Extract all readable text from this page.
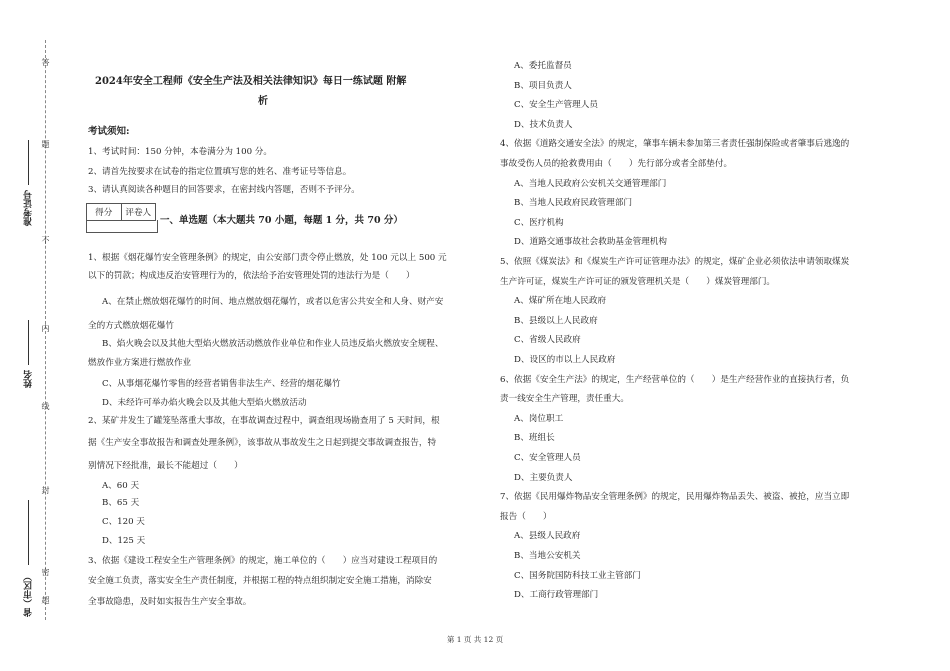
答
题
不
内
线
封
密
超
准考证号
姓名
省（市区）
2024年安全工程师《安全生产法及相关法律知识》每日一练试题 附解
析
考试须知:
1、考试时间：150 分钟，本卷满分为 100 分。
2、请首先按要求在试卷的指定位置填写您的姓名、准考证号等信息。
3、请认真阅读各种题目的回答要求，在密封线内答题，否则不予评分。
得分	评卷人
一、单选题（本大题共 70 小题，每题 1 分，共 70 分）
1、根据《烟花爆竹安全管理条例》的规定，由公安部门责令停止燃放，处 100 元以上 500 元
以下的罚款；构成违反治安管理行为的，依法给予治安管理处罚的违法行为是（　　）
A、在禁止燃放烟花爆竹的时间、地点燃放烟花爆竹，或者以危害公共安全和人身、财产安
全的方式燃放烟花爆竹
B、焰火晚会以及其他大型焰火燃放活动燃放作业单位和作业人员违反焰火燃放安全规程、
燃放作业方案进行燃放作业
C、从事烟花爆竹零售的经营者销售非法生产、经营的烟花爆竹
D、未经许可举办焰火晚会以及其他大型焰火燃放活动
2、某矿井发生了罐笼坠落重大事故，在事故调查过程中，调查组现场勘查用了 5 天时间，根
据《生产安全事故报告和调查处理条例》，该事故从事故发生之日起到提交事故调查报告，特
别情况下经批准，最长不能超过（　　）
A、60 天
B、65 天
C、120 天
D、125 天
3、依据《建设工程安全生产管理条例》的规定，施工单位的（　　）应当对建设工程项目的
安全施工负责，落实安全生产责任制度，并根据工程的特点组织制定安全施工措施，消除安
全事故隐患，及时如实报告生产安全事故。
A、委托监督员
B、项目负责人
C、安全生产管理人员
D、技术负责人
4、依据《道路交通安全法》的规定，肇事车辆未参加第三者责任强制保险或者肇事后逃逸的
事故受伤人员的抢救费用由（　　）先行部分或者全部垫付。
A、当地人民政府公安机关交通管理部门
B、当地人民政府民政管理部门
C、医疗机构
D、道路交通事故社会救助基金管理机构
5、依照《煤炭法》和《煤炭生产许可证管理办法》的规定，煤矿企业必须依法申请领取煤炭
生产许可证，煤炭生产许可证的颁发管理机关是（　　）煤炭管理部门。
A、煤矿所在地人民政府
B、县级以上人民政府
C、省级人民政府
D、设区的市以上人民政府
6、依据《安全生产法》的规定，生产经营单位的（　　）是生产经营作业的直接执行者，负
责一线安全生产管理，责任重大。
A、岗位职工
B、班组长
C、安全管理人员
D、主要负责人
7、依据《民用爆炸物品安全管理条例》的规定，民用爆炸物品丢失、被盗、被抢，应当立即
报告（　　）
A、县级人民政府
B、当地公安机关
C、国务院国防科技工业主管部门
D、工商行政管理部门
第 1 页 共 12 页
